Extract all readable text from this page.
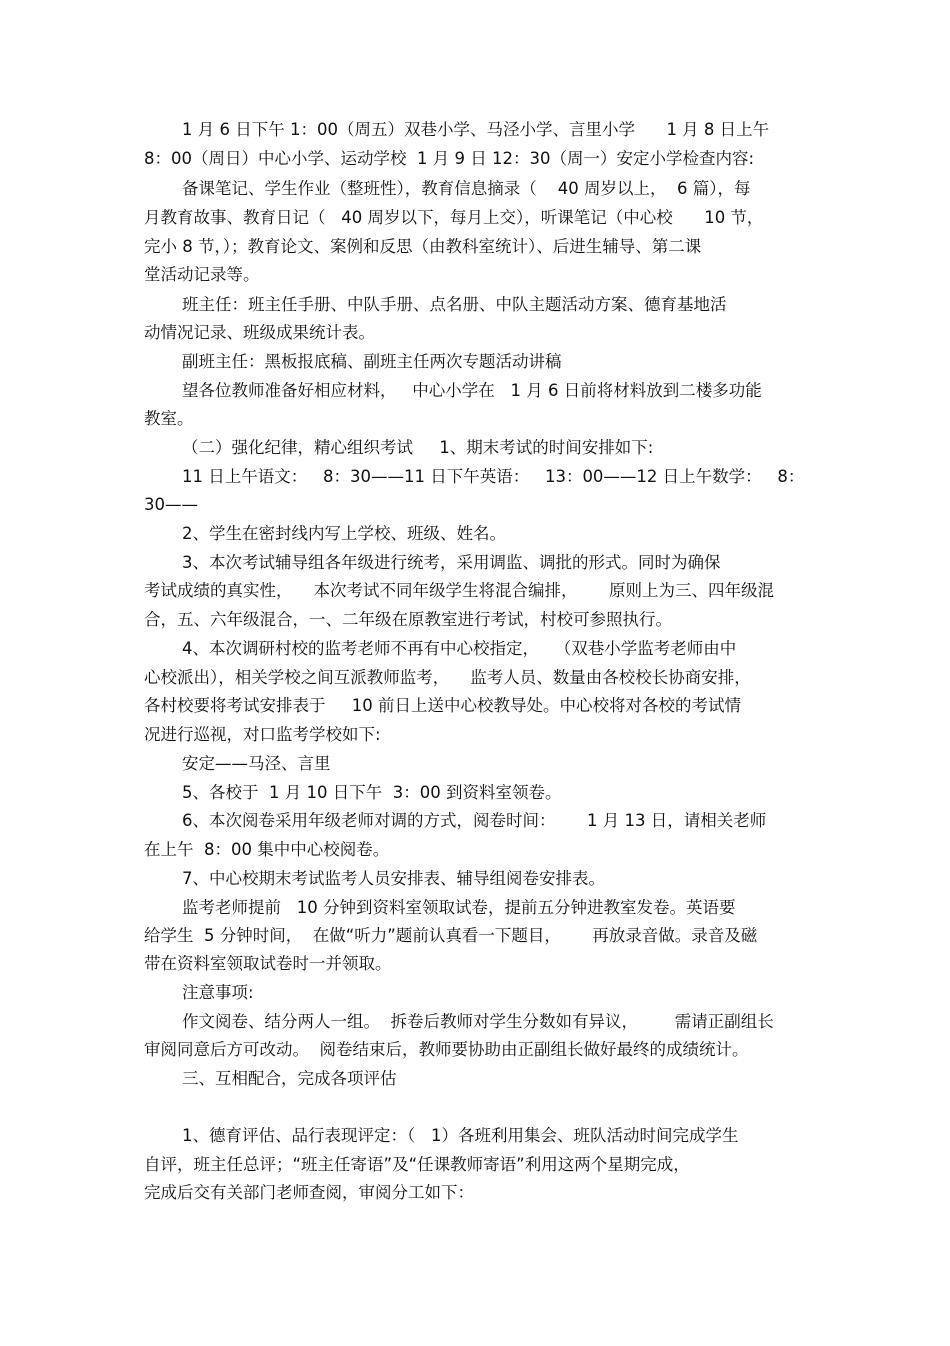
1 月 6 日下午 1：00（周五）双巷小学、马泾小学、言里小学      1 月 8 日上午
8：00（周日）中心小学、运动学校  1 月 9 日 12：30（周一）安定小学检查内容:
备课笔记、学生作业（整班性），教育信息摘录（    40 周岁以上，  6 篇），每
月教育故事、教育日记（   40 周岁以下，每月上交），听课笔记（中心校      10 节，
完小 8 节，）；教育论文、案例和反思（由教科室统计）、后进生辅导、第二课
堂活动记录等。
班主任：班主任手册、中队手册、点名册、中队主题活动方案、德育基地活
动情况记录、班级成果统计表。
副班主任：黑板报底稿、副班主任两次专题活动讲稿
望各位教师准备好相应材料，   中心小学在   1 月 6 日前将材料放到二楼多功能
教室。
（二）强化纪律，精心组织考试     1、期末考试的时间安排如下:
11 日上午语文：   8：30——11 日下午英语：   13：00——12 日上午数学：   8：
30——
2、学生在密封线内写上学校、班级、姓名。
3、本次考试辅导组各年级进行统考，采用调监、调批的形式。同时为确保
考试成绩的真实性，    本次考试不同年级学生将混合编排，      原则上为三、四年级混
合，五、六年级混合，一、二年级在原教室进行考试，村校可参照执行。
4、本次调研村校的监考老师不再有中心校指定，   （双巷小学监考老师由中
心校派出），相关学校之间互派教师监考，    监考人员、数量由各校校长协商安排，
各村校要将考试安排表于     10 前日上送中心校教导处。中心校将对各校的考试情
况进行巡视，对口监考学校如下:
安定——马泾、言里
5、各校于  1 月 10 日下午  3：00 到资料室领卷。
6、本次阅卷采用年级老师对调的方式，阅卷时间：      1 月 13 日，请相关老师
在上午  8：00 集中中心校阅卷。
7、中心校期末考试监考人员安排表、辅导组阅卷安排表。
监考老师提前   10 分钟到资料室领取试卷，提前五分钟进教室发卷。英语要
给学生  5 分钟时间，  在做“听力”题前认真看一下题目，      再放录音做。录音及磁
带在资料室领取试卷时一并领取。
注意事项:
作文阅卷、结分两人一组。  拆卷后教师对学生分数如有异议，       需请正副组长
审阅同意后方可改动。  阅卷结束后，教师要协助由正副组长做好最终的成绩统计。
三、互相配合，完成各项评估
1、德育评估、品行表现评定：（   1）各班利用集会、班队活动时间完成学生
自评，班主任总评；“班主任寄语”及“任课教师寄语”利用这两个星期完成，
完成后交有关部门老师查阅，审阅分工如下：
